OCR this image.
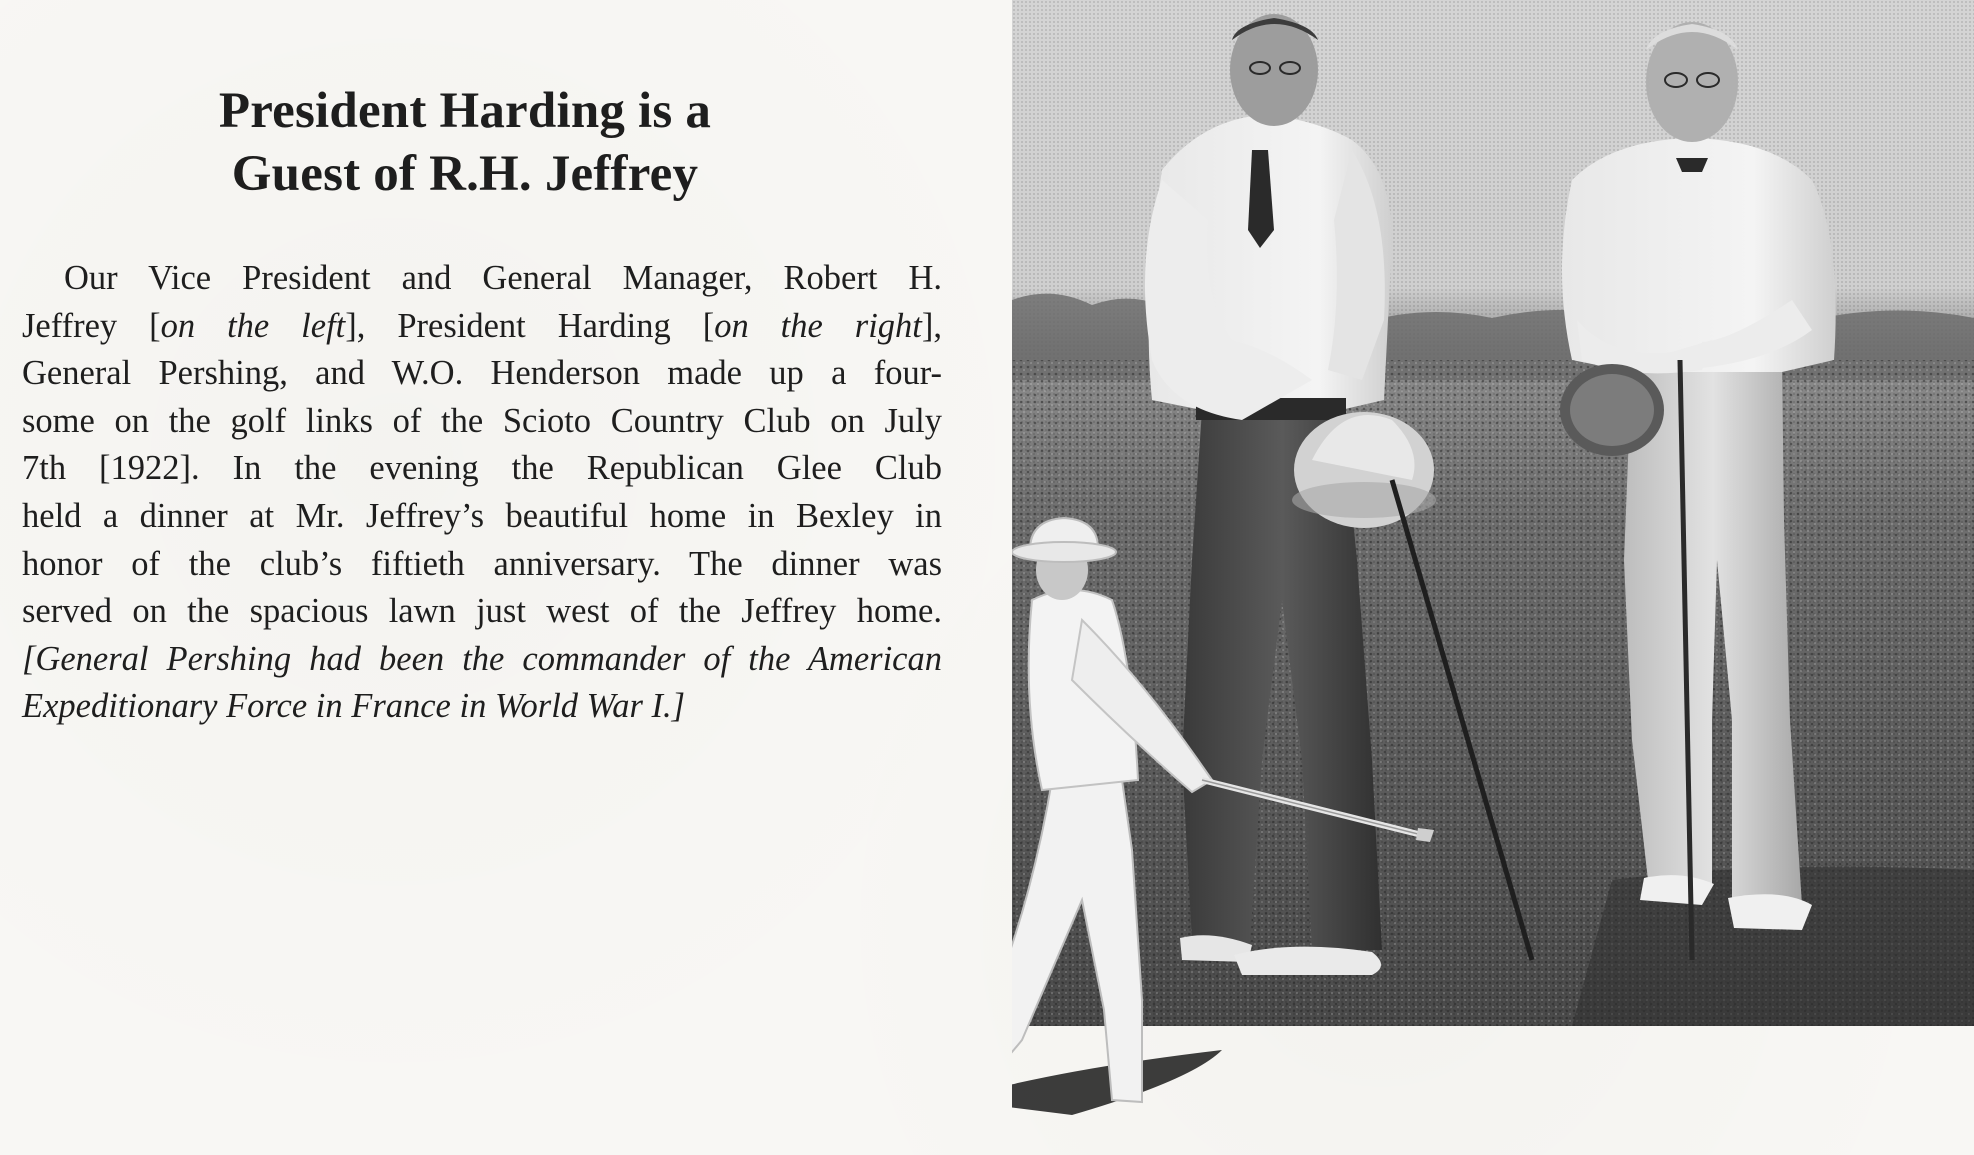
President Harding is a
Guest of R.H. Jeffrey
Our Vice President and General Manager, Robert H.
Jeffrey [on the left], President Harding [on the right],
General Pershing, and W.O. Henderson made up a four-
some on the golf links of the Scioto Country Club on July
7th [1922]. In the evening the Republican Glee Club
held a dinner at Mr. Jeffrey’s beautiful home in Bexley in
honor of the club’s fiftieth anniversary. The dinner was
served on the spacious lawn just west of the Jeffrey home.
[General Pershing had been the commander of the American
Expeditionary Force in France in World War I.]
